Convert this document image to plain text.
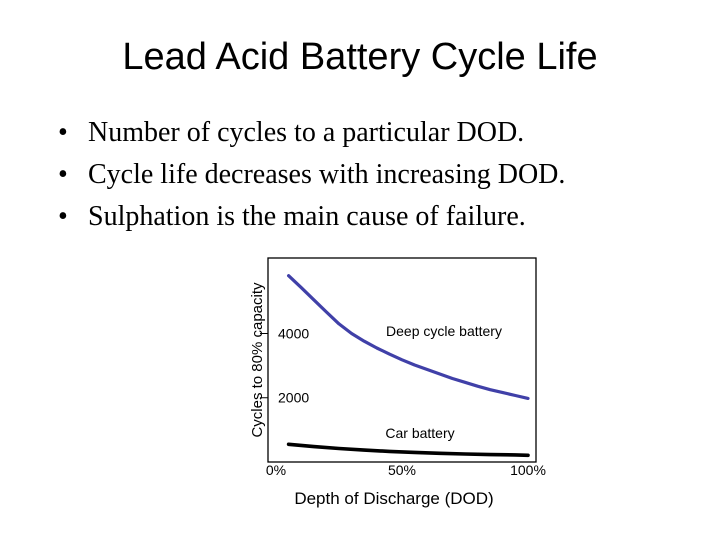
Lead Acid Battery Cycle Life
• Number of cycles to a particular DOD.
• Cycle life decreases with increasing DOD.
• Sulphation is the main cause of failure.
2000
4000
0%	50%	100%
Deep cycle battery
Car battery
Depth of Discharge (DOD)
Cycles to 80% capacity
